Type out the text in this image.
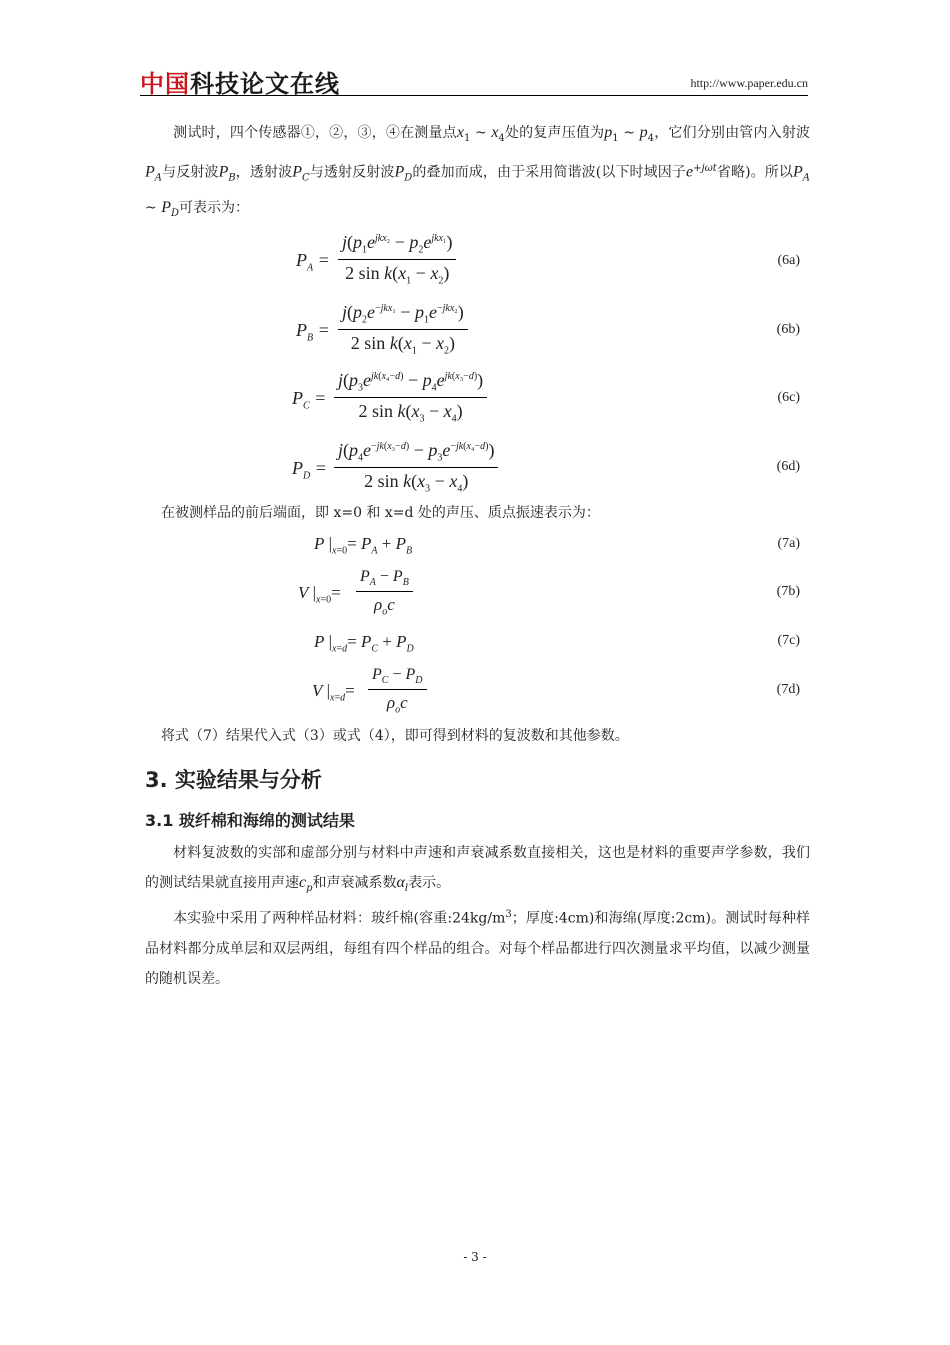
中国科技论文在线	http://www.paper.edu.cn
测试时，四个传感器①，②，③，④在测量点$x_1$ ~ $x_4$处的复声压值为$p_1$ ~ $p_4$，它们分别由管内入射波$P_A$与反射波$P_B$，透射波$P_C$与透射反射波$P_D$的叠加而成，由于采用简谐波(以下时域因子$e^{+j\omega t}$省略)。所以$P_A$ ~ $P_D$可表示为：
$P_A$ =
$j(p_1e^{jkx_2} - p_2e^{jkx_1})$
2 $\sin k(x_1 - x_2)$
(6a)
$P_B$ =
$j(p_2e^{-jkx_1} - p_1e^{-jkx_2})$
2 $\sin k(x_1 - x_2)$
(6b)
$P_C$ =
$j(p_3e^{jk(x_4-d)} - p_4e^{jk(x_3-d)})$
2 $\sin k(x_3 - x_4)$
(6c)
$P_D$ =
$j(p_4e^{-jk(x_3-d)} - p_3e^{-jk(x_4-d)})$
2 $\sin k(x_3 - x_4)$
(6d)
在被测样品的前后端面，即 x=0 和 x=d 处的声压、质点振速表示为：
P $|_{x=0}= P_A + P_B$	(7a)
V $|_{x=0}=$
$P_A - P_B$
$\rho_oc$
(7b)
P $|_{x=d}= P_C + P_D$
(7c)
V $|_{x=d}=$
$P_C - P_D$
$\rho_oc$
(7d)
将式（7）结果代入式（3）或式（4），即可得到材料的复波数和其他参数。
3. 实验结果与分析
3.1 玻纤棉和海绵的测试结果
材料复波数的实部和虚部分别与材料中声速和声衰减系数直接相关，这也是材料的重要声学参数，我们的测试结果就直接用声速$c_p$和声衰减系数$\alpha_l$表示。
本实验中采用了两种样品材料：玻纤棉(容重$:24kg/m^3$；厚度:4cm)和海绵(厚度:2cm)。测试时每种样品材料都分成单层和双层两组，每组有四个样品的组合。对每个样品都进行四次测量求平均值，以减少测量的随机误差。
- 3 -
